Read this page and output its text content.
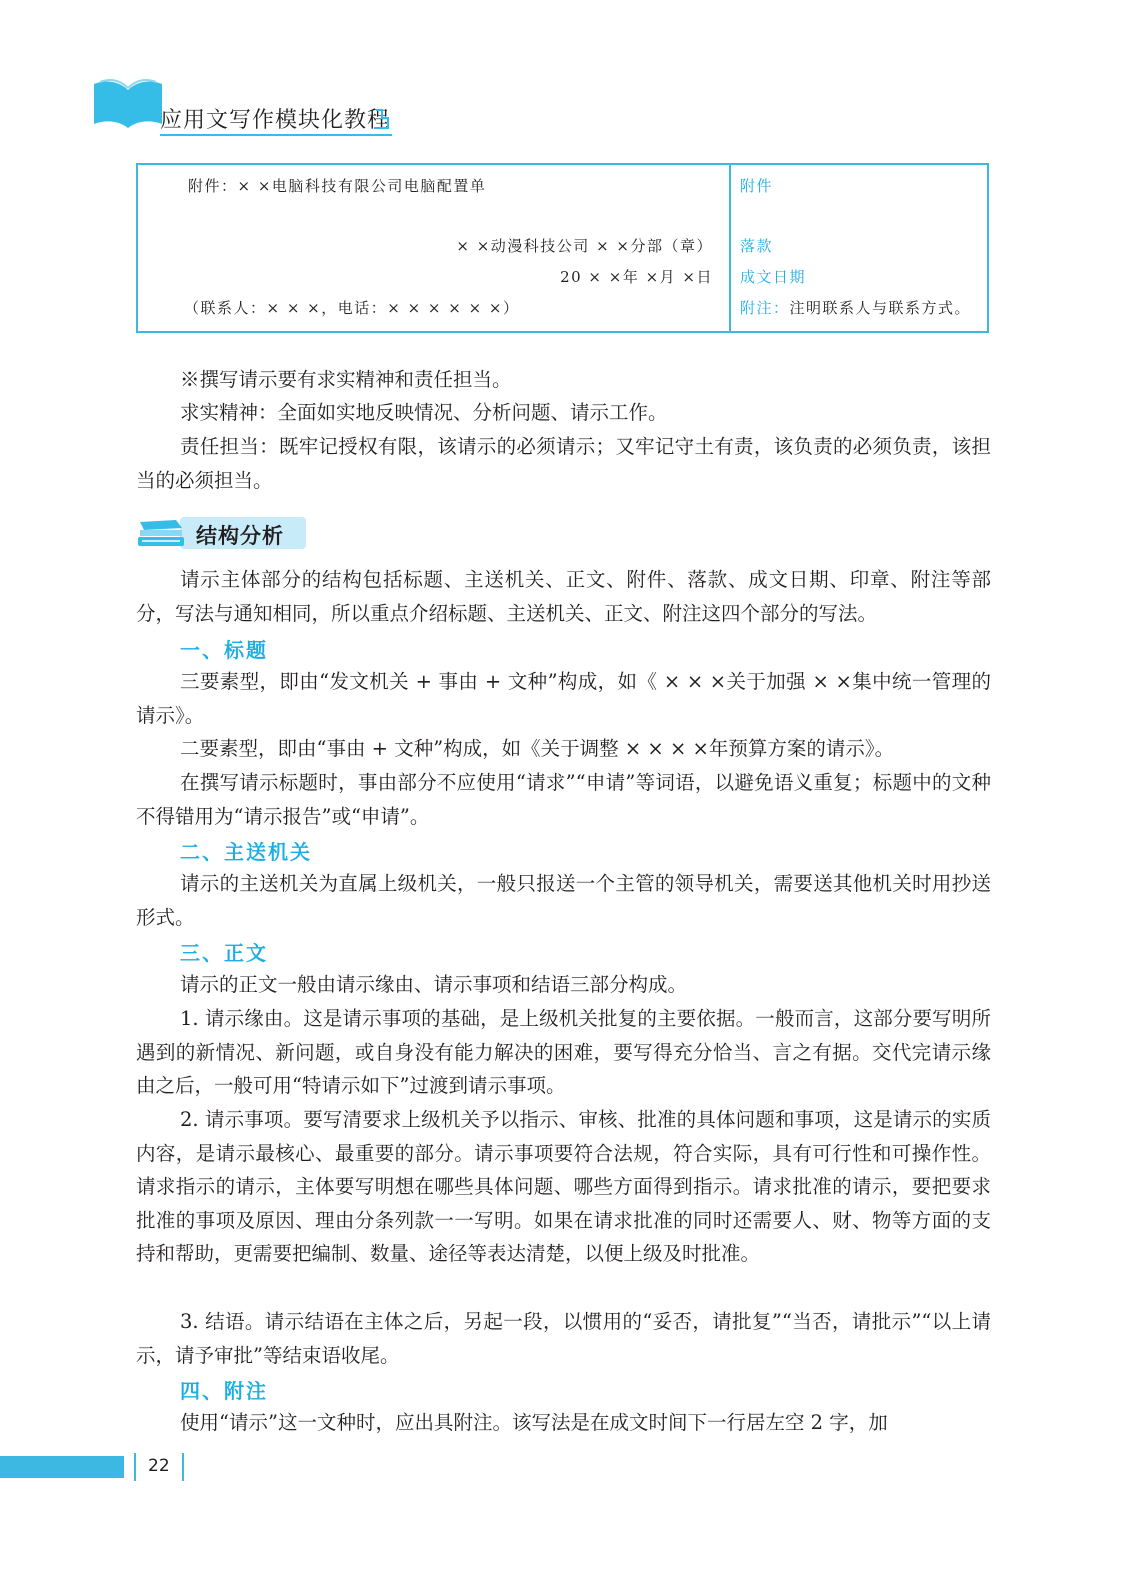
应用文写作模块化教程
附件：× ×电脑科技有限公司电脑配置单
× ×动漫科技公司 × ×分部（章）
20 × ×年 ×月 ×日
（联系人：× × ×，电话：× × × × × ×）
附件
落款
成文日期
附注：注明联系人与联系方式。
※撰写请示要有求实精神和责任担当。
求实精神：全面如实地反映情况、分析问题、请示工作。
责任担当：既牢记授权有限，该请示的必须请示；又牢记守土有责，该负责的必须负责，该担当的必须担当。
结构分析
请示主体部分的结构包括标题、主送机关、正文、附件、落款、成文日期、印章、附注等部分，写法与通知相同，所以重点介绍标题、主送机关、正文、附注这四个部分的写法。
一、标题
三要素型，即由“发文机关 + 事由 + 文种”构成，如《 × × ×关于加强 × ×集中统一管理的请示》。
二要素型，即由“事由 + 文种”构成，如《关于调整 × × × ×年预算方案的请示》。
在撰写请示标题时，事由部分不应使用“请求”“申请”等词语，以避免语义重复；标题中的文种不得错用为“请示报告”或“申请”。
二、主送机关
请示的主送机关为直属上级机关，一般只报送一个主管的领导机关，需要送其他机关时用抄送形式。
三、正文
请示的正文一般由请示缘由、请示事项和结语三部分构成。
1. 请示缘由。这是请示事项的基础，是上级机关批复的主要依据。一般而言，这部分要写明所遇到的新情况、新问题，或自身没有能力解决的困难，要写得充分恰当、言之有据。交代完请示缘由之后，一般可用“特请示如下”过渡到请示事项。
2. 请示事项。要写清要求上级机关予以指示、审核、批准的具体问题和事项，这是请示的实质内容，是请示最核心、最重要的部分。请示事项要符合法规，符合实际，具有可行性和可操作性。请求指示的请示，主体要写明想在哪些具体问题、哪些方面得到指示。请求批准的请示，要把要求批准的事项及原因、理由分条列款一一写明。如果在请求批准的同时还需要人、财、物等方面的支持和帮助，更需要把编制、数量、途径等表达清楚，以便上级及时批准。
3. 结语。请示结语在主体之后，另起一段，以惯用的“妥否，请批复”“当否，请批示”“以上请示，请予审批”等结束语收尾。
四、附注
使用“请示”这一文种时，应出具附注。该写法是在成文时间下一行居左空 2 字，加
22
